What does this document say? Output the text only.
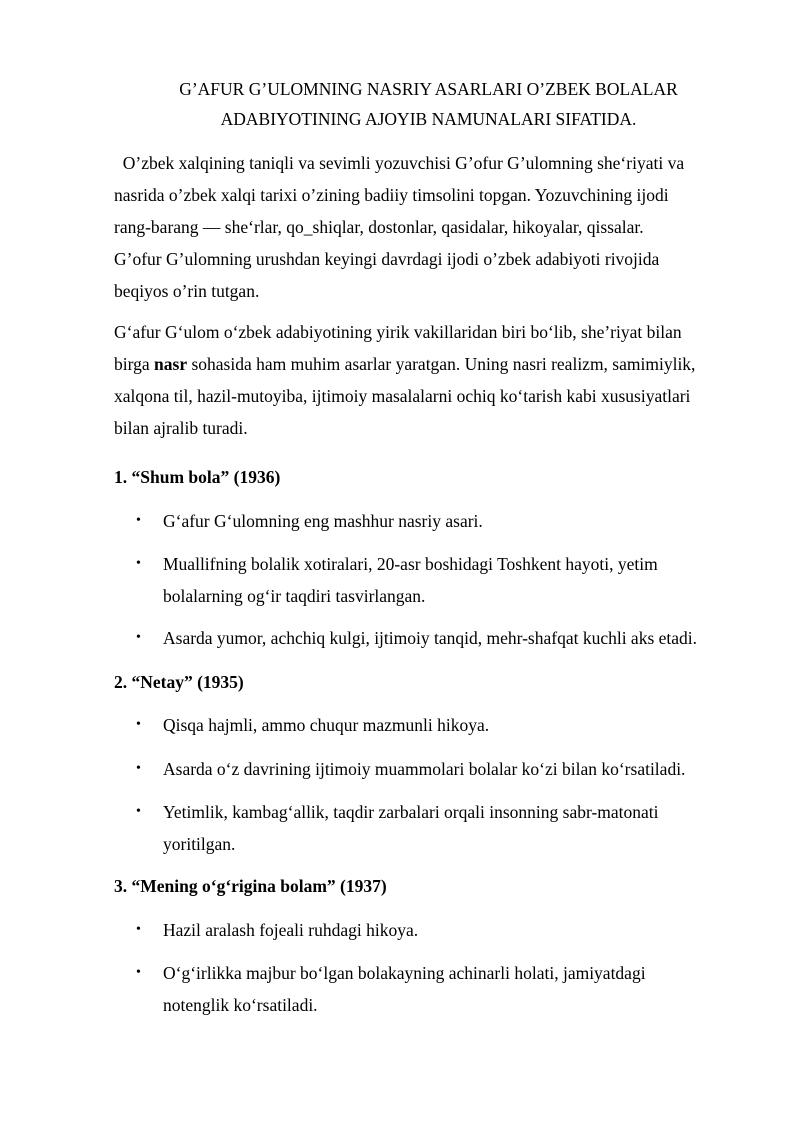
G’AFUR G’ULOMNING NASRIY ASARLARI O’ZBEK BOLALAR
ADABIYOTINING AJOYIB NAMUNALARI SIFATIDA.
O’zbek xalqining taniqli va sevimli yozuvchisi G’ofur G’ulomning she‘riyati va
nasrida o’zbek xalqi tarixi o’zining badiiy timsolini topgan. Yozuvchining ijodi
rang-barang — she‘rlar, qo_shiqlar, dostonlar, qasidalar, hikoyalar, qissalar.
G’ofur G’ulomning urushdan keyingi davrdagi ijodi o’zbek adabiyoti rivojida
beqiyos o’rin tutgan.
G‘afur G‘ulom o‘zbek adabiyotining yirik vakillaridan biri bo‘lib, she’riyat bilan
birga nasr sohasida ham muhim asarlar yaratgan. Uning nasri realizm, samimiylik,
xalqona til, hazil-mutoyiba, ijtimoiy masalalarni ochiq ko‘tarish kabi xususiyatlari
bilan ajralib turadi.
1. “Shum bola” (1936)
• G‘afur G‘ulomning eng mashhur nasriy asari.
• Muallifning bolalik xotiralari, 20-asr boshidagi Toshkent hayoti, yetim
bolalarning og‘ir taqdiri tasvirlangan.
• Asarda yumor, achchiq kulgi, ijtimoiy tanqid, mehr-shafqat kuchli aks etadi.
2. “Netay” (1935)
• Qisqa hajmli, ammo chuqur mazmunli hikoya.
• Asarda o‘z davrining ijtimoiy muammolari bolalar ko‘zi bilan ko‘rsatiladi.
• Yetimlik, kambag‘allik, taqdir zarbalari orqali insonning sabr-matonati
yoritilgan.
3. “Mening o‘g‘rigina bolam” (1937)
• Hazil aralash fojeali ruhdagi hikoya.
• O‘g‘irlikka majbur bo‘lgan bolakayning achinarli holati, jamiyatdagi
notenglik ko‘rsatiladi.
